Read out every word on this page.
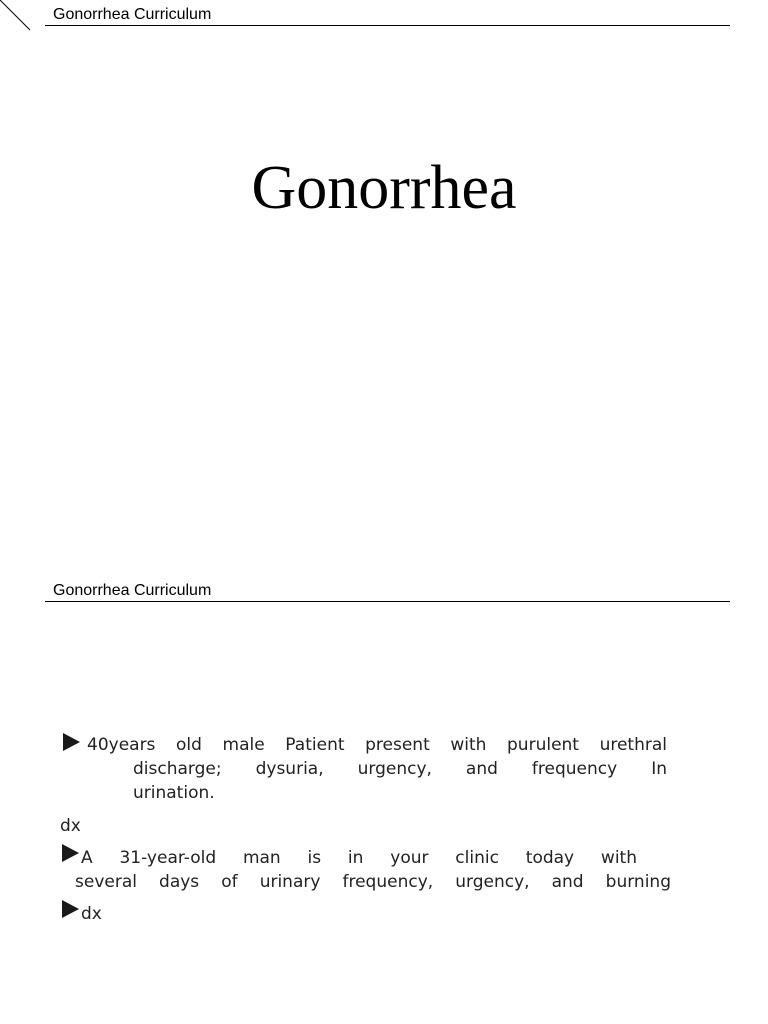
Gonorrhea Curriculum
Gonorrhea
Gonorrhea Curriculum
40years old male Patient present with purulent urethral
discharge; dysuria, urgency, and frequency In
urination.
dx
A 31-year-old man is in your clinic today with
several days of urinary frequency, urgency, and burning
dx
